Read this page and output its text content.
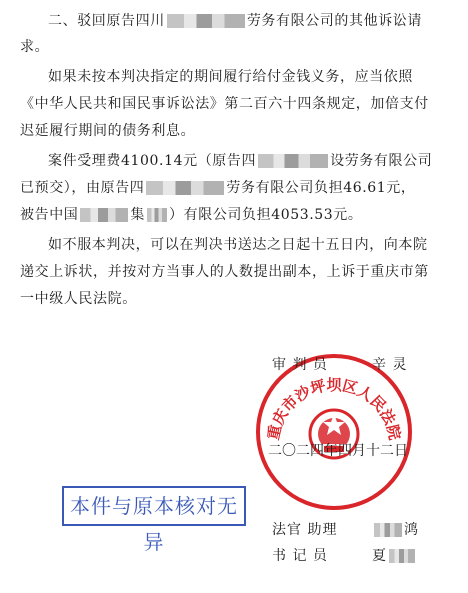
二、驳回原告四川	劳务有限公司的其他诉讼请
求。
如果未按本判决指定的期间履行给付金钱义务，应当依照
《中华人民共和国民事诉讼法》第二百六十四条规定，加倍支付
迟延履行期间的债务利息。
案件受理费4100.14元（原告四	设劳务有限公司
已预交），由原告四	劳务有限公司负担46.61元，
被告中国	集 ）有限公司负担4053.53元。
如不服本判决，可以在判决书送达之日起十五日内，向本院
递交上诉状，并按对方当事人的人数提出副本，上诉于重庆市第
一中级人民法院。
重庆市沙坪坝区人民法院
审 判 员	辛 灵
二〇二四年四月十二日
本件与原本核对无异	法官 助理	鸿
书 记 员	夏
